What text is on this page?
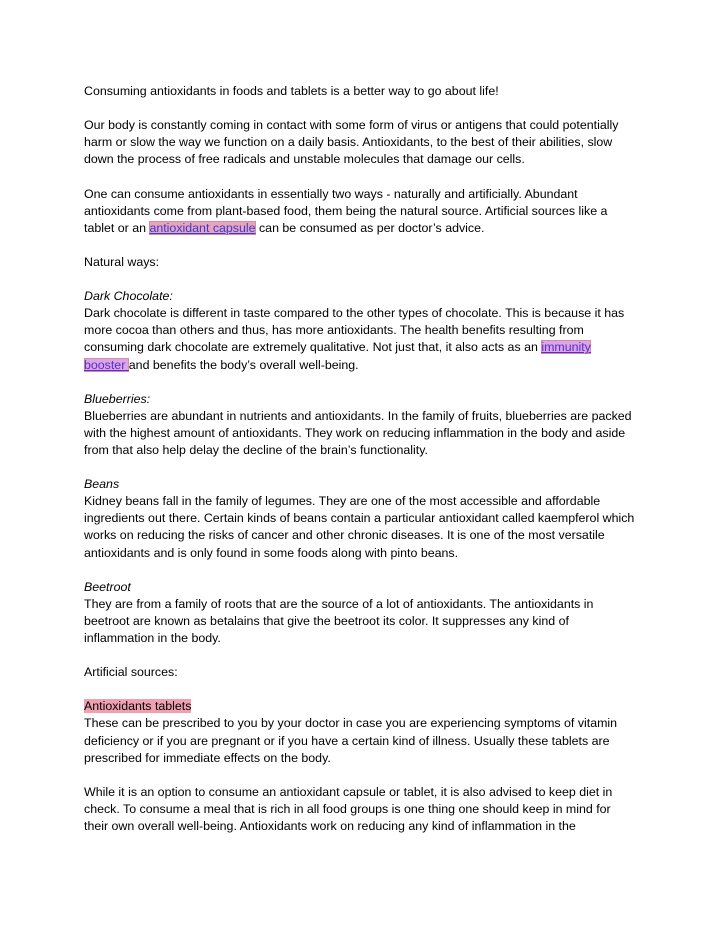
Consuming antioxidants in foods and tablets is a better way to go about life!

Our body is constantly coming in contact with some form of virus or antigens that could potentially harm or slow the way we function on a daily basis. Antioxidants, to the best of their abilities, slow down the process of free radicals and unstable molecules that damage our cells.

One can consume antioxidants in essentially two ways - naturally and artificially. Abundant antioxidants come from plant-based food, them being the natural source. Artificial sources like a tablet or an antioxidant capsule can be consumed as per doctor’s advice.

Natural ways:

Dark Chocolate:

Dark chocolate is different in taste compared to the other types of chocolate. This is because it has more cocoa than others and thus, has more antioxidants. The health benefits resulting from consuming dark chocolate are extremely qualitative. Not just that, it also acts as an immunity
booster and benefits the body’s overall well-being.

Blueberries:

Blueberries are abundant in nutrients and antioxidants. In the family of fruits, blueberries are packed with the highest amount of antioxidants. They work on reducing inflammation in the body and aside from that also help delay the decline of the brain’s functionality.

Beans

Kidney beans fall in the family of legumes. They are one of the most accessible and affordable ingredients out there. Certain kinds of beans contain a particular antioxidant called kaempferol which works on reducing the risks of cancer and other chronic diseases. It is one of the most versatile antioxidants and is only found in some foods along with pinto beans.

Beetroot

They are from a family of roots that are the source of a lot of antioxidants. The antioxidants in beetroot are known as betalains that give the beetroot its color. It suppresses any kind of inflammation in the body.

Artificial sources:

Antioxidants tablets

These can be prescribed to you by your doctor in case you are experiencing symptoms of vitamin deficiency or if you are pregnant or if you have a certain kind of illness. Usually these tablets are prescribed for immediate effects on the body.

While it is an option to consume an antioxidant capsule or tablet, it is also advised to keep diet in check. To consume a meal that is rich in all food groups is one thing one should keep in mind for their own overall well-being. Antioxidants work on reducing any kind of inflammation in the
